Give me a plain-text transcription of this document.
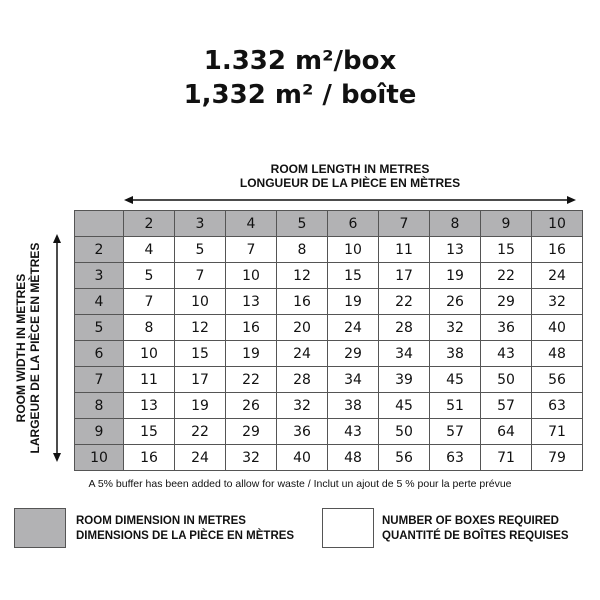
1.332 m²/box
1,332 m² / boîte
ROOM LENGTH IN METRES
LONGUEUR DE LA PIÈCE EN MÈTRES
ROOM WIDTH IN METRES LARGEUR DE LA PIÈCE EN MÈTRES
	2	3	4	5	6	7	8	9	10
2	4	5	7	8	10	11	13	15	16
3	5	7	10	12	15	17	19	22	24
4	7	10	13	16	19	22	26	29	32
5	8	12	16	20	24	28	32	36	40
6	10	15	19	24	29	34	38	43	48
7	11	17	22	28	34	39	45	50	56
8	13	19	26	32	38	45	51	57	63
9	15	22	29	36	43	50	57	64	71
10	16	24	32	40	48	56	63	71	79
A 5% buffer has been added to allow for waste / Inclut un ajout de 5 % pour la perte prévue
ROOM DIMENSION IN METRES
DIMENSIONS DE LA PIÈCE EN MÈTRES
NUMBER OF BOXES REQUIRED
QUANTITÉ DE BOÎTES REQUISES
